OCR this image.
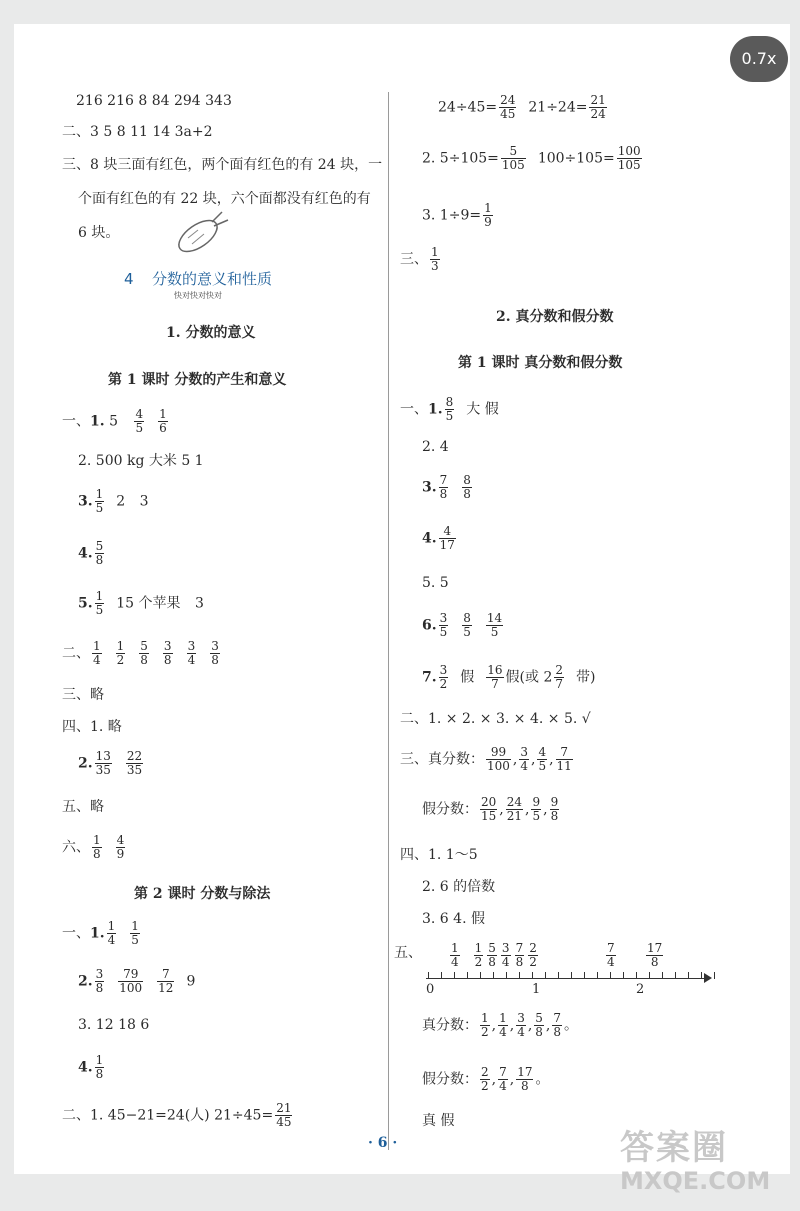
0.7x
216 216 8 84 294 343
二、3 5 8 11 14 3a+2
三、8 块三面有红色，两个面有红色的有 24 块，一
个面有红色的有 22 块，六个面都没有红色的有
6 块。
4 分数的意义和性质
快对快对快对
1. 分数的意义
第 1 课时 分数的产生和意义
一、1. $5 \frac{4}{5} \frac{1}{6}$
2. 500 kg 大米 5 1
3. $\frac{1}{5} 2$ 3
4. $\frac{5}{8}$
5. $\frac{1}{5} 15$ 个苹果 3
二、 $\frac{1}{4} \frac{1}{2} \frac{5}{8} \frac{3}{8} \frac{3}{4} \frac{3}{8}$
三、略
四、1. 略
2. $\frac{13}{35} \frac{22}{35}$
五、略
六、 $\frac{1}{8} \frac{4}{9}$
第 2 课时 分数与除法
一、1. $\frac{1}{4} \frac{1}{5}$
2. $\frac{3}{8} \frac{79}{100} \frac{7}{12} 9$
3. 12 18 6
4. $\frac{1}{8}$
二、1. 45−21=24(人) $21\div 45= \frac{21}{45}$
$24\div 45= \frac{24}{45} 21\div 24= \frac{21}{24}$
2. $5\div 105= \frac{5}{105} 100\div 105= \frac{100}{105}$
3. $1\div 9= \frac{1}{9}$
三、 $\frac{1}{3}$
2. 真分数和假分数
第 1 课时 真分数和假分数
一、1. $\frac{8}{5}$ 大 假
2. 4
3. $\frac{7}{8} \frac{8}{8}$
4. $\frac{4}{17}$
5. 5
6. $\frac{3}{5} \frac{8}{5} \frac{14}{5}$
7. $\frac{3}{2}$ 假 $\frac{16}{7}$ 假(或 $2 \frac{2}{7}$ 带)
二、1. × 2. × 3. × 4. × 5. √
三、真分数： $\frac{99}{100}$ , $\frac{3}{4}$ , $\frac{4}{5}$ , $\frac{7}{11}$
假分数： $\frac{20}{15}$ , $\frac{24}{21}$ , $\frac{9}{5}$ , $\frac{9}{8}$
四、1. 1～5
2. 6 的倍数
3. 6 4. 假
五、 $\frac{1}{4} \frac{1}{2} \frac{5}{8} \frac{3}{4} \frac{7}{8} \frac{2}{2}$	$\frac{7}{4}$	$\frac{17}{8}$
0	1	2
真分数： $\frac{1}{2}$ , $\frac{1}{4}$ , $\frac{3}{4}$ , $\frac{5}{8}$ , $\frac{7}{8}$ 。
假分数： $\frac{2}{2}$ , $\frac{7}{4}$ , $\frac{17}{8}$ 。
真 假
· 6 ·	答案圈
MXQE.COM
